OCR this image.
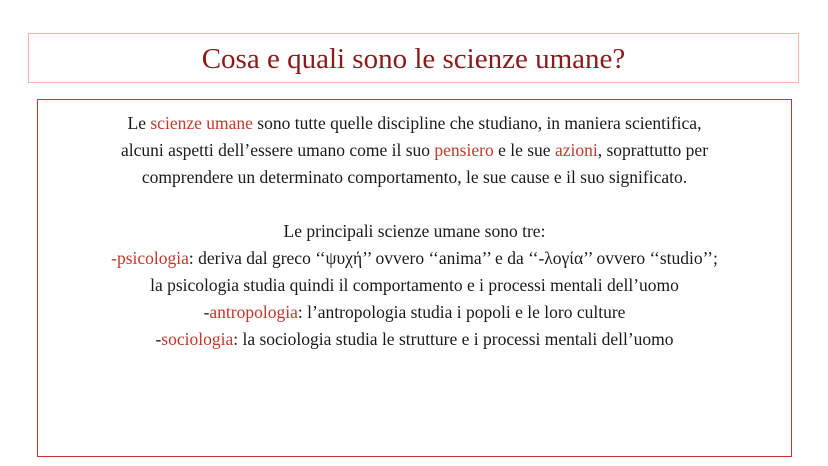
Cosa e quali sono le scienze umane?
Le scienze umane sono tutte quelle discipline che studiano, in maniera scientifica,
alcuni aspetti dell’essere umano come il suo pensiero e le sue azioni, soprattutto per
comprendere un determinato comportamento, le sue cause e il suo significato.
Le principali scienze umane sono tre:
-psicologia: deriva dal greco ‘‘ψυχή’’ ovvero ‘‘anima’’ e da ‘‘-λογία’’ ovvero ‘‘studio’’;
la psicologia studia quindi il comportamento e i processi mentali dell’uomo
-antropologia: l’antropologia studia i popoli e le loro culture
-sociologia: la sociologia studia le strutture e i processi mentali dell’uomo
